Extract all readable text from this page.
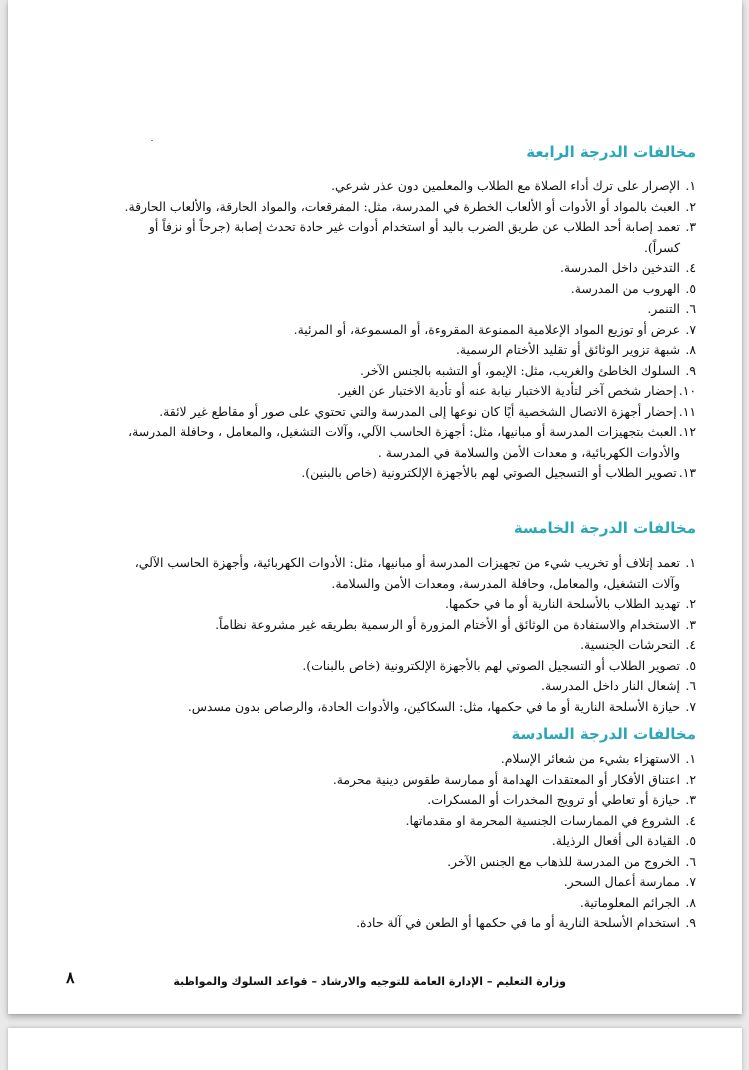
مخالفات الدرجة الرابعة
١.الإصرار على ترك أداء الصلاة مع الطلاب والمعلمين دون عذر شرعي.
٢.العبث بالمواد أو الأدوات أو الألعاب الخطرة في المدرسة، مثل: المفرقعات، والمواد الحارقة، والألعاب الحارقة.
٣.تعمد إصابة أحد الطلاب عن طريق الضرب باليد أو استخدام أدوات غير حادة تحدث إصابة (جرحاً أو نزفاً أو
كسراً).
٤.التدخين داخل المدرسة.
٥.الهروب من المدرسة.
٦.التنمر.
٧.عرض أو توزيع المواد الإعلامية الممنوعة المقروءة، أو المسموعة، أو المرئية.
٨.شبهة تزوير الوثائق أو تقليد الأختام الرسمية.
٩.السلوك الخاطئ والغريب، مثل: الإيمو، أو التشبه بالجنس الآخر.
١٠.إحضار شخص آخر لتأدية الاختبار نيابة عنه أو تأدية الاختبار عن الغير.
١١.إحضار أجهزة الاتصال الشخصية أيًا كان نوعها إلى المدرسة والتي تحتوي على صور أو مقاطع غير لائقة.
١٢.العبث بتجهيزات المدرسة أو مبانيها، مثل: أجهزة الحاسب الآلي، وآلات التشغيل، والمعامل ، وحافلة المدرسة،
والأدوات الكهربائية، و معدات الأمن والسلامة في المدرسة .
١٣.تصوير الطلاب أو التسجيل الصوتي لهم بالأجهزة الإلكترونية (خاص بالبنين).
مخالفات الدرجة الخامسة
١.تعمد إتلاف أو تخريب شيء من تجهيزات المدرسة أو مبانيها، مثل: الأدوات الكهربائية، وأجهزة الحاسب الآلي،
وآلات التشغيل، والمعامل، وحافلة المدرسة، ومعدات الأمن والسلامة.
٢.تهديد الطلاب بالأسلحة النارية أو ما في حكمها.
٣.الاستخدام والاستفادة من الوثائق أو الأختام المزورة أو الرسمية بطريقه غير مشروعة نظاماً.
٤.التحرشات الجنسية.
٥.تصوير الطلاب أو التسجيل الصوتي لهم بالأجهزة الإلكترونية (خاص بالبنات).
٦.إشعال النار داخل المدرسة.
٧.حيازة الأسلحة النارية أو ما في حكمها، مثل: السكاكين، والأدوات الحادة، والرصاص بدون مسدس.
مخالفات الدرجة السادسة
١.الاستهزاء بشيء من شعائر الإسلام.
٢.اعتناق الأفكار أو المعتقدات الهدامة أو ممارسة طقوس دينية محرمة.
٣.حيازة أو تعاطي أو ترويج المخدرات أو المسكرات.
٤.الشروع في الممارسات الجنسية المحرمة او مقدماتها.
٥.القيادة الى أفعال الرذيلة.
٦.الخروج من المدرسة للذهاب مع الجنس الآخر.
٧.ممارسة أعمال السحر.
٨.الجرائم المعلوماتية.
٩.استخدام الأسلحة النارية أو ما في حكمها أو الطعن في آلة حادة.
وزارة التعليم – الإدارة العامة للتوجيه والارشاد – قواعد السلوك والمواظبة
٨
